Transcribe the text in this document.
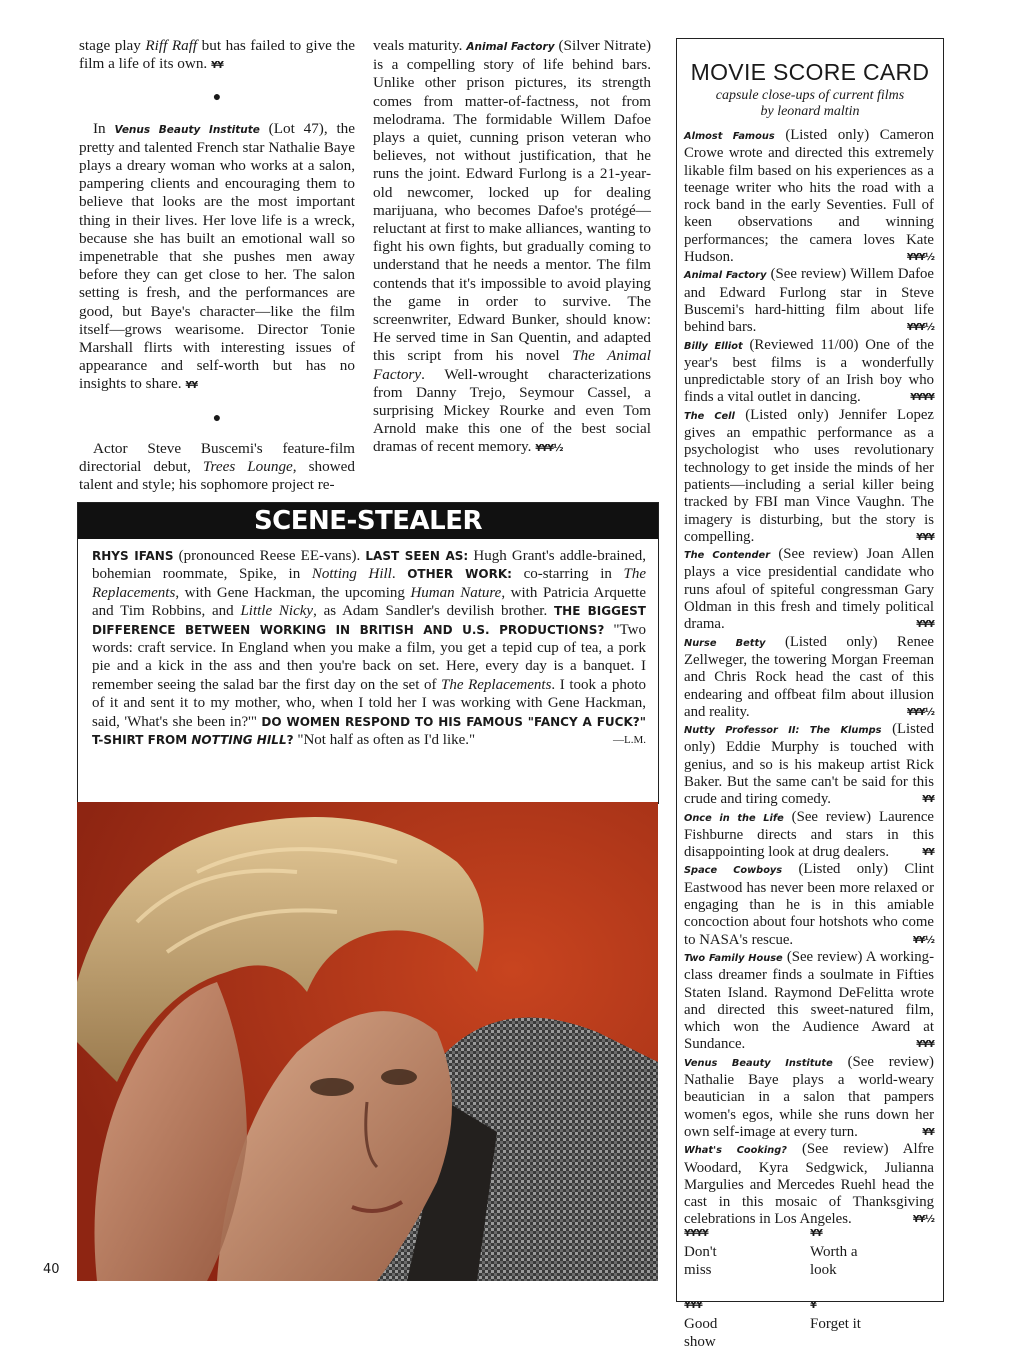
stage play Riff Raff but has failed to give the film a life of its own. ¥¥

●

In Venus Beauty Institute (Lot 47), the pretty and talented French star Nathalie Baye plays a dreary woman who works at a salon, pampering clients and encouraging them to believe that looks are the most important thing in their lives. Her love life is a wreck, because she has built an emotional wall so impenetrable that she pushes men away before they can get close to her. The salon setting is fresh, and the performances are good, but Baye's character—like the film itself—grows wearisome. Director Tonie Marshall flirts with interesting issues of appearance and self-worth but has no insights to share. ¥¥

●

Actor Steve Buscemi's feature-film directorial debut, Trees Lounge, showed talent and style; his sophomore project re-

veals maturity. Animal Factory (Silver Nitrate) is a compelling story of life behind bars. Unlike other prison pictures, its strength comes from matter-of-factness, not from melodrama. The formidable Willem Dafoe plays a quiet, cunning prison veteran who believes, not without justification, that he runs the joint. Edward Furlong is a 21-year-old newcomer, locked up for dealing marijuana, who becomes Dafoe's protégé—reluctant at first to make alliances, wanting to fight his own fights, but gradually coming to understand that he needs a mentor. The film contends that it's impossible to avoid playing the game in order to survive. The screenwriter, Edward Bunker, should know: He served time in San Quentin, and adapted this script from his novel The Animal Factory. Well-wrought characterizations from Danny Trejo, Seymour Cassel, a surprising Mickey Rourke and even Tom Arnold make this one of the best social dramas of recent memory. ¥¥¥½

SCENE-STEALER
RHYS IFANS (pronounced Reese EE-vans). LAST SEEN AS: Hugh Grant's addle-brained, bohemian roommate, Spike, in Notting Hill. OTHER WORK: co-starring in The Replacements, with Gene Hackman, the upcoming Human Nature, with Patricia Arquette and Tim Robbins, and Little Nicky, as Adam Sandler's devilish brother. THE BIGGEST DIFFERENCE BETWEEN WORKING IN BRITISH AND U.S. PRODUCTIONS? "Two words: craft service. In England when you make a film, you get a tepid cup of tea, a pork pie and a kick in the ass and then you're back on set. Here, every day is a banquet. I remember seeing the salad bar the first day on the set of The Replacements. I took a photo of it and sent it to my mother, who, when I told her I was working with Gene Hackman, said, 'What's she been in?'" DO WOMEN RESPOND TO HIS FAMOUS "FANCY A FUCK?" T-SHIRT FROM NOTTING HILL? "Not half as often as I'd like."	—L.M.
MOVIE SCORE CARD
capsule close-ups of current films
by leonard maltin

Almost Famous (Listed only) Cameron Crowe wrote and directed this extremely likable film based on his experiences as a teenage writer who hits the road with a rock band in the early Seventies. Full of keen observations and winning performances; the camera loves Kate Hudson.	¥¥¥½

Animal Factory (See review) Willem Dafoe and Edward Furlong star in Steve Buscemi's hard-hitting film about life behind bars.	¥¥¥½

Billy Elliot (Reviewed 11/00) One of the year's best films is a wonderfully unpredictable story of an Irish boy who finds a vital outlet in dancing.	¥¥¥¥

The Cell (Listed only) Jennifer Lopez gives an empathic performance as a psychologist who uses revolutionary technology to get inside the minds of her patients—including a serial killer being tracked by FBI man Vince Vaughn. The imagery is disturbing, but the story is compelling.	¥¥¥

The Contender (See review) Joan Allen plays a vice presidential candidate who runs afoul of spiteful congressman Gary Oldman in this fresh and timely political drama.	¥¥¥

Nurse Betty (Listed only) Renee Zellweger, the towering Morgan Freeman and Chris Rock head the cast of this endearing and offbeat film about illusion and reality.	¥¥¥½

Nutty Professor II: The Klumps (Listed only) Eddie Murphy is touched with genius, and so is his makeup artist Rick Baker. But the same can't be said for this crude and tiring comedy.	¥¥

Once in the Life (See review) Laurence Fishburne directs and stars in this disappointing look at drug dealers.	¥¥

Space Cowboys (Listed only) Clint Eastwood has never been more relaxed or engaging than he is in this amiable concoction about four hotshots who come to NASA's rescue.	¥¥½

Two Family House (See review) A working-class dreamer finds a soulmate in Fifties Staten Island. Raymond DeFelitta wrote and directed this sweet-natured film, which won the Audience Award at Sundance.	¥¥¥

Venus Beauty Institute (See review) Nathalie Baye plays a world-weary beautician in a salon that pampers women's egos, while she runs down her own self-image at every turn.	¥¥

What's Cooking? (See review) Alfre Woodard, Kyra Sedgwick, Julianna Margulies and Mercedes Ruehl head the cast in this mosaic of Thanksgiving celebrations in Los Angeles.	¥¥½

¥¥¥¥
Don't miss
¥¥
Worth a look

¥¥¥
Good show

¥
Forget it
40
